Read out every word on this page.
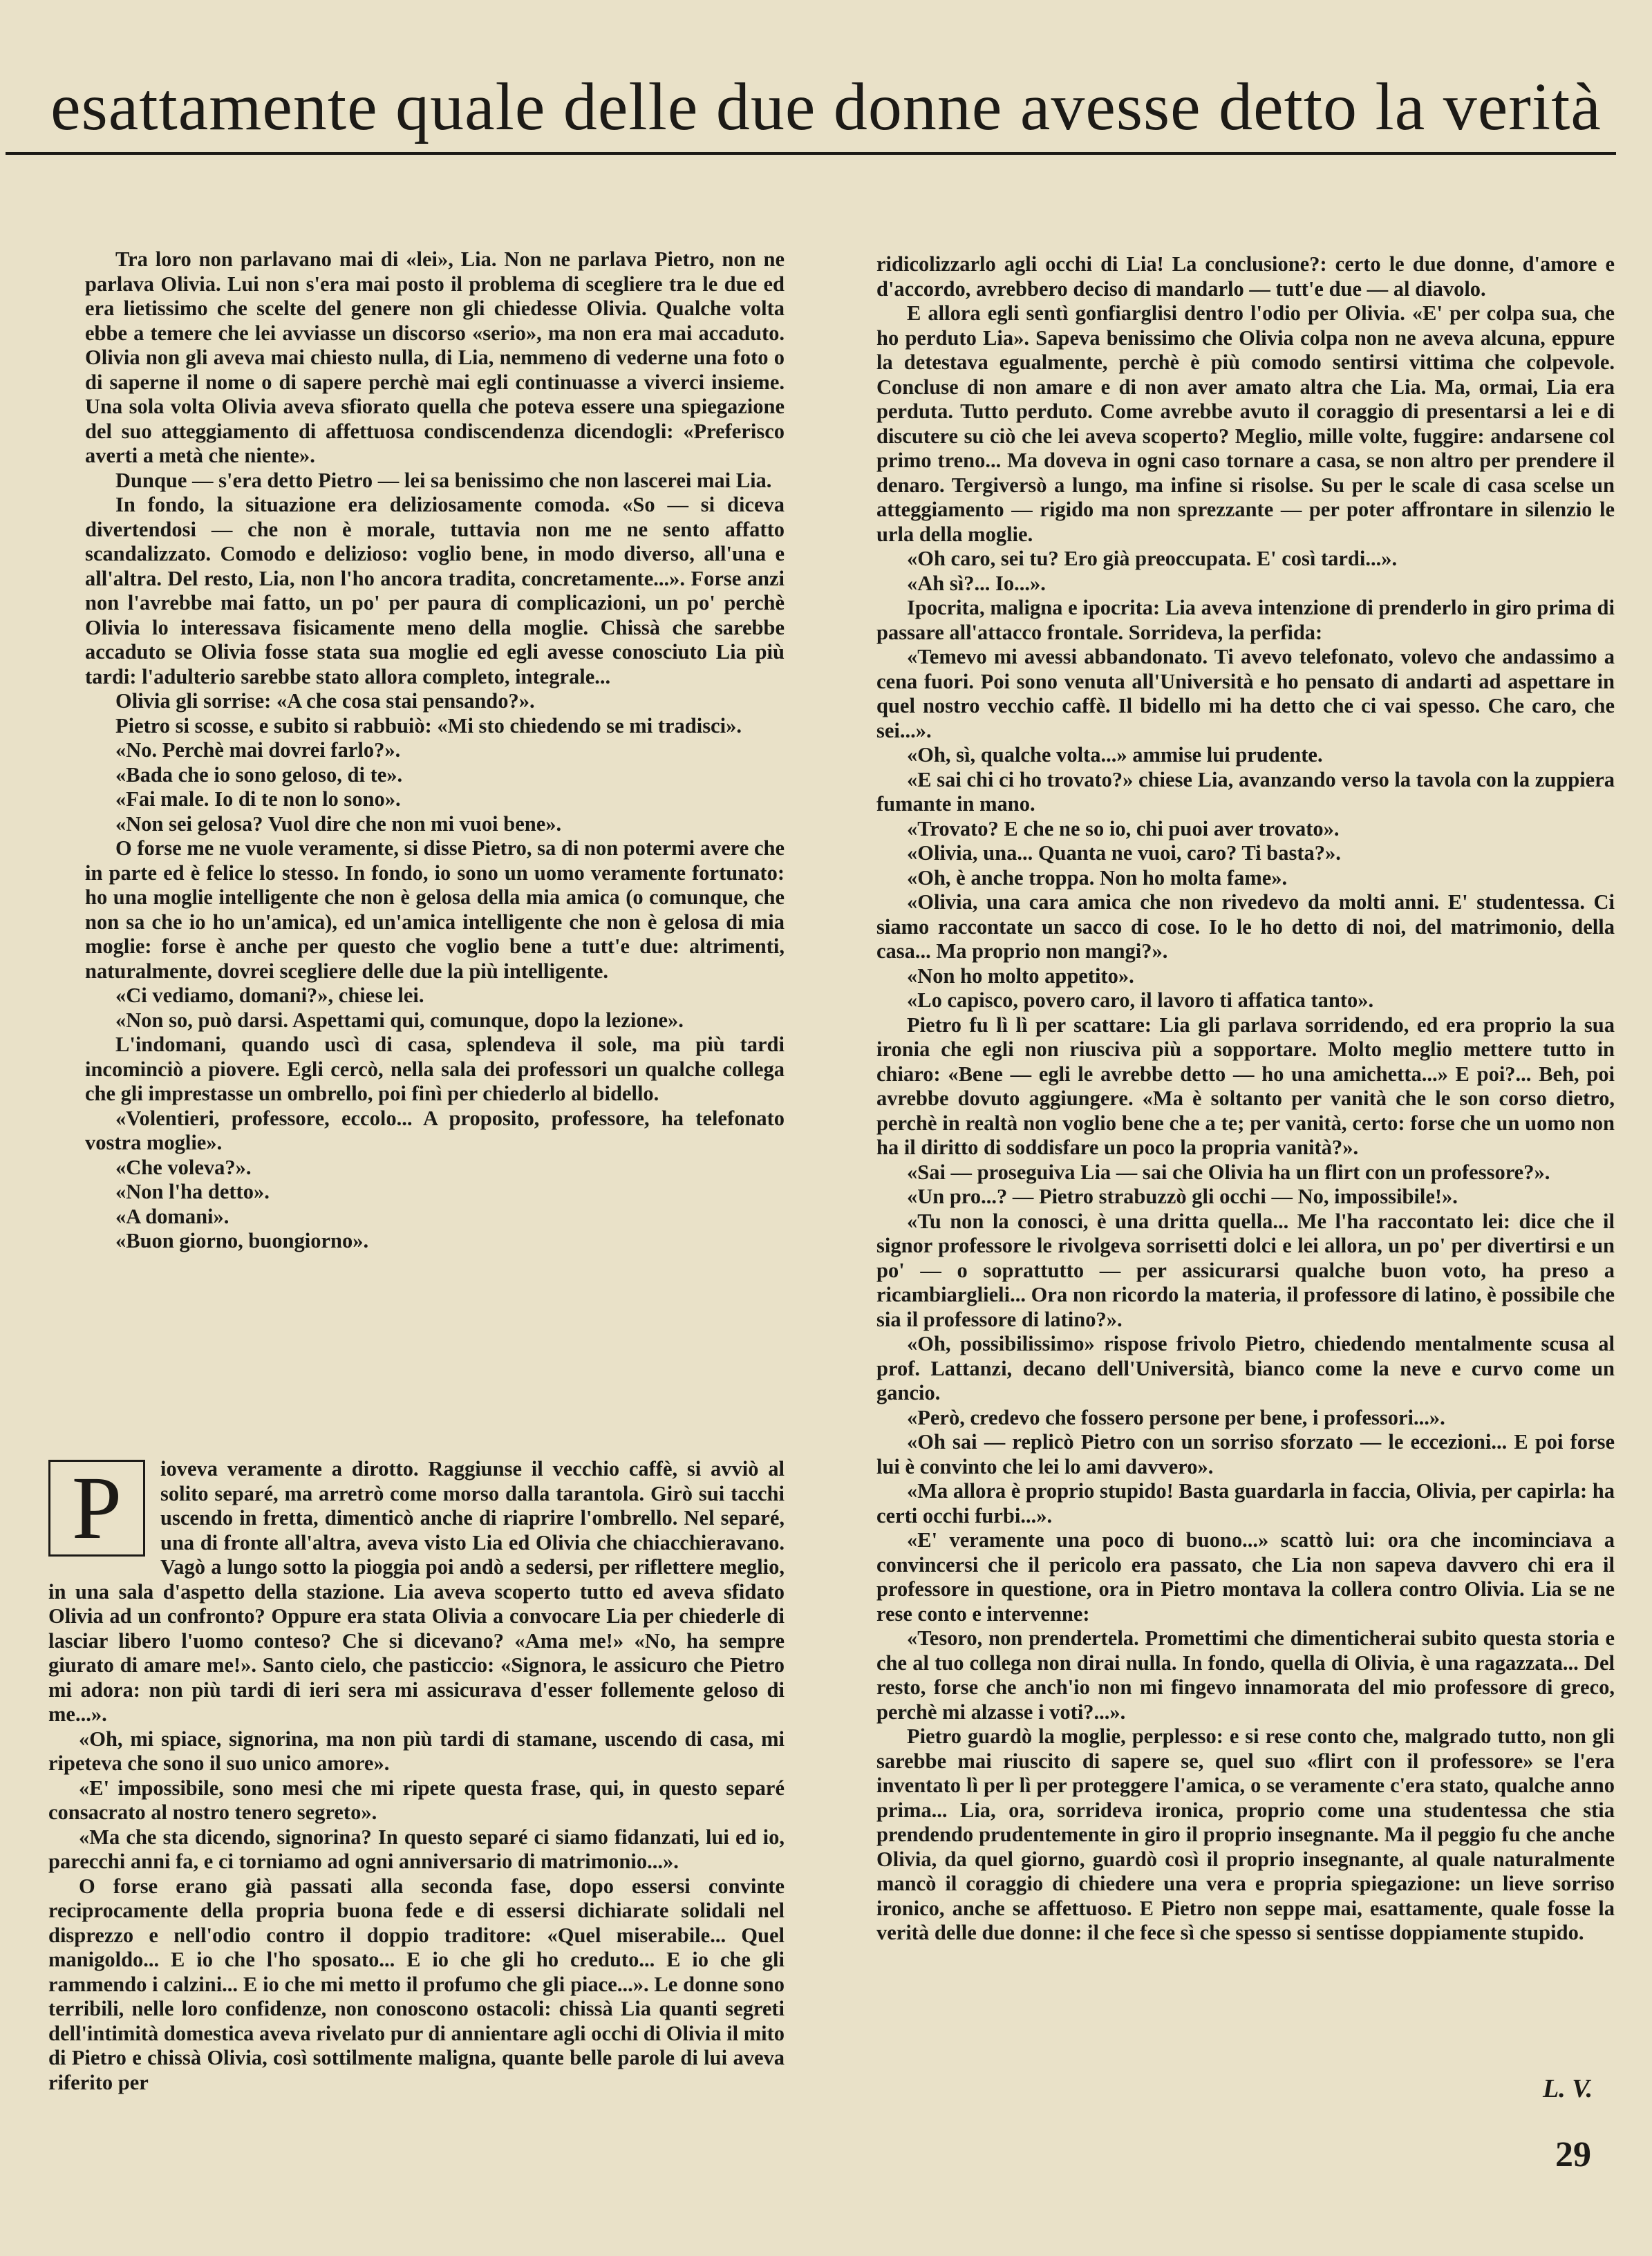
esattamente quale delle due donne avesse detto la verità

Tra loro non parlavano mai di «lei», Lia. Non ne parlava Pietro, non ne parlava Olivia. Lui non s'era mai posto il problema di scegliere tra le due ed era lietissimo che scelte del genere non gli chiedesse Olivia. Qualche volta ebbe a temere che lei avviasse un discorso «serio», ma non era mai accaduto. Olivia non gli aveva mai chiesto nulla, di Lia, nemmeno di vederne una foto o di saperne il nome o di sapere perchè mai egli continuasse a viverci insieme. Una sola volta Olivia aveva sfiorato quella che poteva essere una spiegazione del suo atteggiamento di affettuosa condiscendenza dicendogli: «Preferisco averti a metà che niente».

Dunque — s'era detto Pietro — lei sa benissimo che non lascerei mai Lia.

In fondo, la situazione era deliziosamente comoda. «So — si diceva divertendosi — che non è morale, tuttavia non me ne sento affatto scandalizzato. Comodo e delizioso: voglio bene, in modo diverso, all'una e all'altra. Del resto, Lia, non l'ho ancora tradita, concretamente...». Forse anzi non l'avrebbe mai fatto, un po' per paura di complicazioni, un po' perchè Olivia lo interessava fisicamente meno della moglie. Chissà che sarebbe accaduto se Olivia fosse stata sua moglie ed egli avesse conosciuto Lia più tardi: l'adulterio sarebbe stato allora completo, integrale...

Olivia gli sorrise: «A che cosa stai pensando?».

Pietro si scosse, e subito si rabbuiò: «Mi sto chiedendo se mi tradisci».

«No. Perchè mai dovrei farlo?».

«Bada che io sono geloso, di te».

«Fai male. Io di te non lo sono».

«Non sei gelosa? Vuol dire che non mi vuoi bene».

O forse me ne vuole veramente, si disse Pietro, sa di non potermi avere che in parte ed è felice lo stesso. In fondo, io sono un uomo veramente fortunato: ho una moglie intelligente che non è gelosa della mia amica (o comunque, che non sa che io ho un'amica), ed un'amica intelligente che non è gelosa di mia moglie: forse è anche per questo che voglio bene a tutt'e due: altrimenti, naturalmente, dovrei scegliere delle due la più intelligente.

«Ci vediamo, domani?», chiese lei.

«Non so, può darsi. Aspettami qui, comunque, dopo la lezione».

L'indomani, quando uscì di casa, splendeva il sole, ma più tardi incominciò a piovere. Egli cercò, nella sala dei professori un qualche collega che gli imprestasse un ombrello, poi finì per chiederlo al bidello.

«Volentieri, professore, eccolo... A proposito, professore, ha telefonato vostra moglie».

«Che voleva?».

«Non l'ha detto».

«A domani».

«Buon giorno, buongiorno».

P	ioveva veramente a dirotto. Raggiunse il vecchio caffè, si avviò al solito separé, ma arretrò come morso dalla tarantola. Girò sui tacchi uscendo in fretta, dimenticò anche di riaprire l'ombrello. Nel separé, una di fronte all'altra, aveva visto Lia ed Olivia che chiacchieravano. Vagò a lungo sotto la pioggia poi andò a sedersi, per riflettere meglio, in una sala d'aspetto della stazione. Lia aveva scoperto tutto ed aveva sfidato Olivia ad un confronto? Oppure era stata Olivia a convocare Lia per chiederle di lasciar libero l'uomo conteso? Che si dicevano? «Ama me!» «No, ha sempre giurato di amare me!». Santo cielo, che pasticcio: «Signora, le assicuro che Pietro mi adora: non più tardi di ieri sera mi assicurava d'esser follemente geloso di me...».

«Oh, mi spiace, signorina, ma non più tardi di stamane, uscendo di casa, mi ripeteva che sono il suo unico amore».

«E' impossibile, sono mesi che mi ripete questa frase, qui, in questo separé consacrato al nostro tenero segreto».

«Ma che sta dicendo, signorina? In questo separé ci siamo fidanzati, lui ed io, parecchi anni fa, e ci torniamo ad ogni anniversario di matrimonio...».

O forse erano già passati alla seconda fase, dopo essersi convinte reciprocamente della propria buona fede e di essersi dichiarate solidali nel disprezzo e nell'odio contro il doppio traditore: «Quel miserabile... Quel manigoldo... E io che l'ho sposato... E io che gli ho creduto... E io che gli rammendo i calzini... E io che mi metto il profumo che gli piace...». Le donne sono terribili, nelle loro confidenze, non conoscono ostacoli: chissà Lia quanti segreti dell'intimità domestica aveva rivelato pur di annientare agli occhi di Olivia il mito di Pietro e chissà Olivia, così sottilmente maligna, quante belle parole di lui aveva riferito per

ridicolizzarlo agli occhi di Lia! La conclusione?: certo le due donne, d'amore e d'accordo, avrebbero deciso di mandarlo — tutt'e due — al diavolo.

E allora egli sentì gonfiarglisi dentro l'odio per Olivia. «E' per colpa sua, che ho perduto Lia». Sapeva benissimo che Olivia colpa non ne aveva alcuna, eppure la detestava egualmente, perchè è più comodo sentirsi vittima che colpevole. Concluse di non amare e di non aver amato altra che Lia. Ma, ormai, Lia era perduta. Tutto perduto. Come avrebbe avuto il coraggio di presentarsi a lei e di discutere su ciò che lei aveva scoperto? Meglio, mille volte, fuggire: andarsene col primo treno... Ma doveva in ogni caso tornare a casa, se non altro per prendere il denaro. Tergiversò a lungo, ma infine si risolse. Su per le scale di casa scelse un atteggiamento — rigido ma non sprezzante — per poter affrontare in silenzio le urla della moglie.

«Oh caro, sei tu? Ero già preoccupata. E' così tardi...».

«Ah sì?... Io...».

Ipocrita, maligna e ipocrita: Lia aveva intenzione di prenderlo in giro prima di passare all'attacco frontale. Sorrideva, la perfida:

«Temevo mi avessi abbandonato. Ti avevo telefonato, volevo che andassimo a cena fuori. Poi sono venuta all'Università e ho pensato di andarti ad aspettare in quel nostro vecchio caffè. Il bidello mi ha detto che ci vai spesso. Che caro, che sei...».

«Oh, sì, qualche volta...» ammise lui prudente.

«E sai chi ci ho trovato?» chiese Lia, avanzando verso la tavola con la zuppiera fumante in mano.

«Trovato? E che ne so io, chi puoi aver trovato».

«Olivia, una... Quanta ne vuoi, caro? Ti basta?».

«Oh, è anche troppa. Non ho molta fame».

«Olivia, una cara amica che non rivedevo da molti anni. E' studentessa. Ci siamo raccontate un sacco di cose. Io le ho detto di noi, del matrimonio, della casa... Ma proprio non mangi?».

«Non ho molto appetito».

«Lo capisco, povero caro, il lavoro ti affatica tanto».

Pietro fu lì lì per scattare: Lia gli parlava sorridendo, ed era proprio la sua ironia che egli non riusciva più a sopportare. Molto meglio mettere tutto in chiaro: «Bene — egli le avrebbe detto — ho una amichetta...» E poi?... Beh, poi avrebbe dovuto aggiungere. «Ma è soltanto per vanità che le son corso dietro, perchè in realtà non voglio bene che a te; per vanità, certo: forse che un uomo non ha il diritto di soddisfare un poco la propria vanità?».

«Sai — proseguiva Lia — sai che Olivia ha un flirt con un professore?».

«Un pro...? — Pietro strabuzzò gli occhi — No, impossibile!».

«Tu non la conosci, è una dritta quella... Me l'ha raccontato lei: dice che il signor professore le rivolgeva sorrisetti dolci e lei allora, un po' per divertirsi e un po' — o soprattutto — per assicurarsi qualche buon voto, ha preso a ricambiarglieli... Ora non ricordo la materia, il professore di latino, è possibile che sia il professore di latino?».

«Oh, possibilissimo» rispose frivolo Pietro, chiedendo mentalmente scusa al prof. Lattanzi, decano dell'Università, bianco come la neve e curvo come un gancio.

«Però, credevo che fossero persone per bene, i professori...».

«Oh sai — replicò Pietro con un sorriso sforzato — le eccezioni... E poi forse lui è convinto che lei lo ami davvero».

«Ma allora è proprio stupido! Basta guardarla in faccia, Olivia, per capirla: ha certi occhi furbi...».

«E' veramente una poco di buono...» scattò lui: ora che incominciava a convincersi che il pericolo era passato, che Lia non sapeva davvero chi era il professore in questione, ora in Pietro montava la collera contro Olivia. Lia se ne rese conto e intervenne:

«Tesoro, non prendertela. Promettimi che dimenticherai subito questa storia e che al tuo collega non dirai nulla. In fondo, quella di Olivia, è una ragazzata... Del resto, forse che anch'io non mi fingevo innamorata del mio professore di greco, perchè mi alzasse i voti?...».

Pietro guardò la moglie, perplesso: e si rese conto che, malgrado tutto, non gli sarebbe mai riuscito di sapere se, quel suo «flirt con il professore» se l'era inventato lì per lì per proteggere l'amica, o se veramente c'era stato, qualche anno prima... Lia, ora, sorrideva ironica, proprio come una studentessa che stia prendendo prudentemente in giro il proprio insegnante. Ma il peggio fu che anche Olivia, da quel giorno, guardò così il proprio insegnante, al quale naturalmente mancò il coraggio di chiedere una vera e propria spiegazione: un lieve sorriso ironico, anche se affettuoso. E Pietro non seppe mai, esattamente, quale fosse la verità delle due donne: il che fece sì che spesso si sentisse doppiamente stupido.

L. V.
29
